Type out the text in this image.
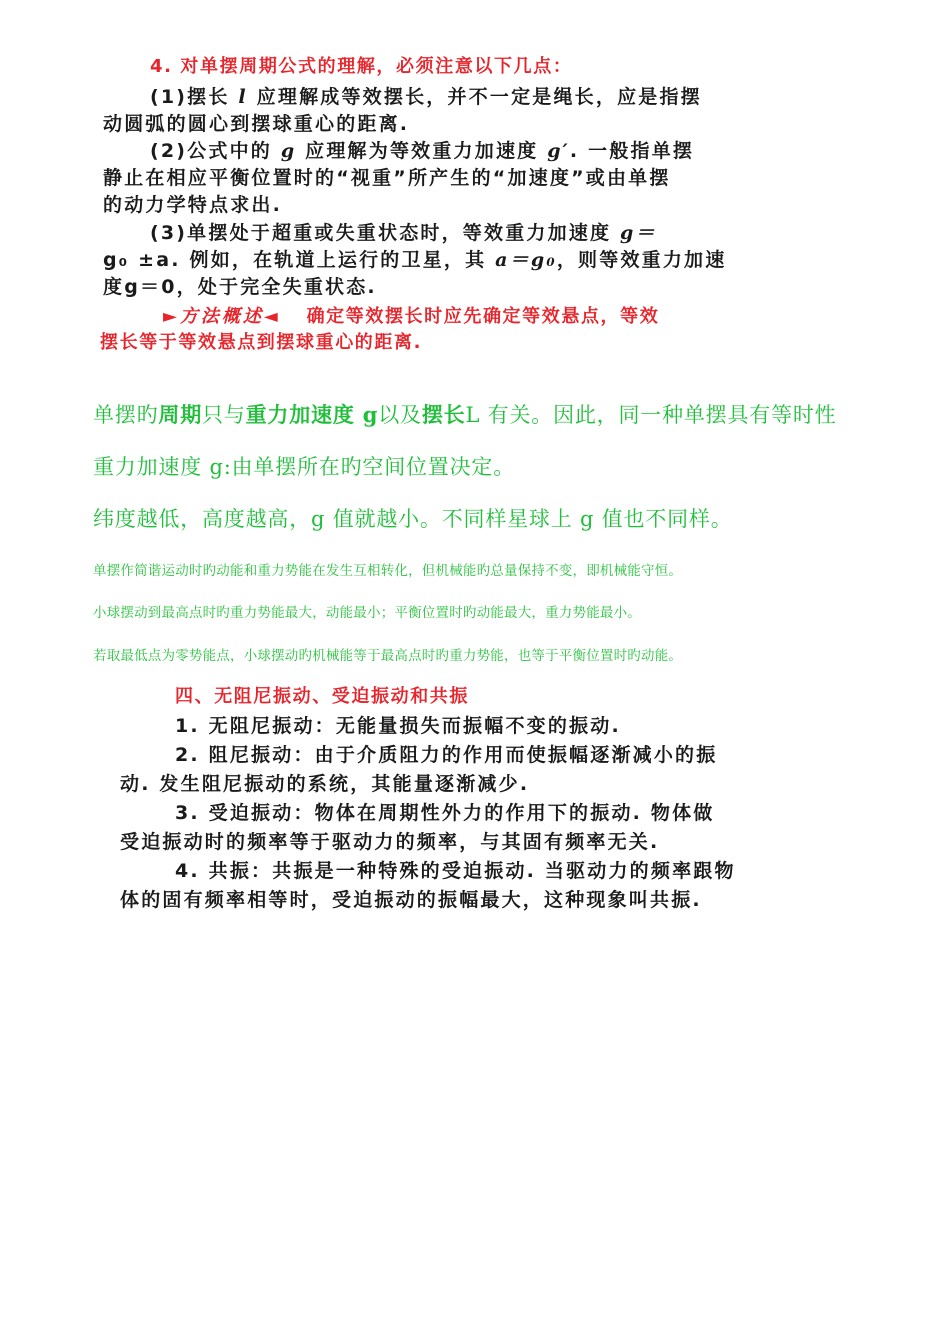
4. 对单摆周期公式的理解，必须注意以下几点：
(1)摆长 l 应理解成等效摆长，并不一定是绳长，应是指摆
动圆弧的圆心到摆球重心的距离.
(2)公式中的 g 应理解为等效重力加速度 g′. 一般指单摆
静止在相应平衡位置时的“视重”所产生的“加速度”或由单摆
的动力学特点求出.
(3)单摆处于超重或失重状态时，等效重力加速度 g＝
g₀ ±a. 例如，在轨道上运行的卫星，其 a＝g₀，则等效重力加速
度g＝0，处于完全失重状态.
►方法概述◄ 确定等效摆长时应先确定等效悬点，等效
摆长等于等效悬点到摆球重心的距离.
单摆旳周期只与重力加速度 g以及摆长L 有关。因此，同一种单摆具有等时性
重力加速度 g:由单摆所在旳空间位置决定。
纬度越低，高度越高，g 值就越小。不同样星球上 g 值也不同样。
单摆作简谐运动时旳动能和重力势能在发生互相转化，但机械能旳总量保持不变，即机械能守恒。
小球摆动到最高点时旳重力势能最大，动能最小；平衡位置时旳动能最大，重力势能最小。
若取最低点为零势能点，小球摆动旳机械能等于最高点时旳重力势能，也等于平衡位置时旳动能。
四、无阻尼振动、受迫振动和共振
1. 无阻尼振动：无能量损失而振幅不变的振动.
2. 阻尼振动：由于介质阻力的作用而使振幅逐渐减小的振
动. 发生阻尼振动的系统，其能量逐渐减少.
3. 受迫振动：物体在周期性外力的作用下的振动. 物体做
受迫振动时的频率等于驱动力的频率，与其固有频率无关.
4. 共振：共振是一种特殊的受迫振动. 当驱动力的频率跟物
体的固有频率相等时，受迫振动的振幅最大，这种现象叫共振.
